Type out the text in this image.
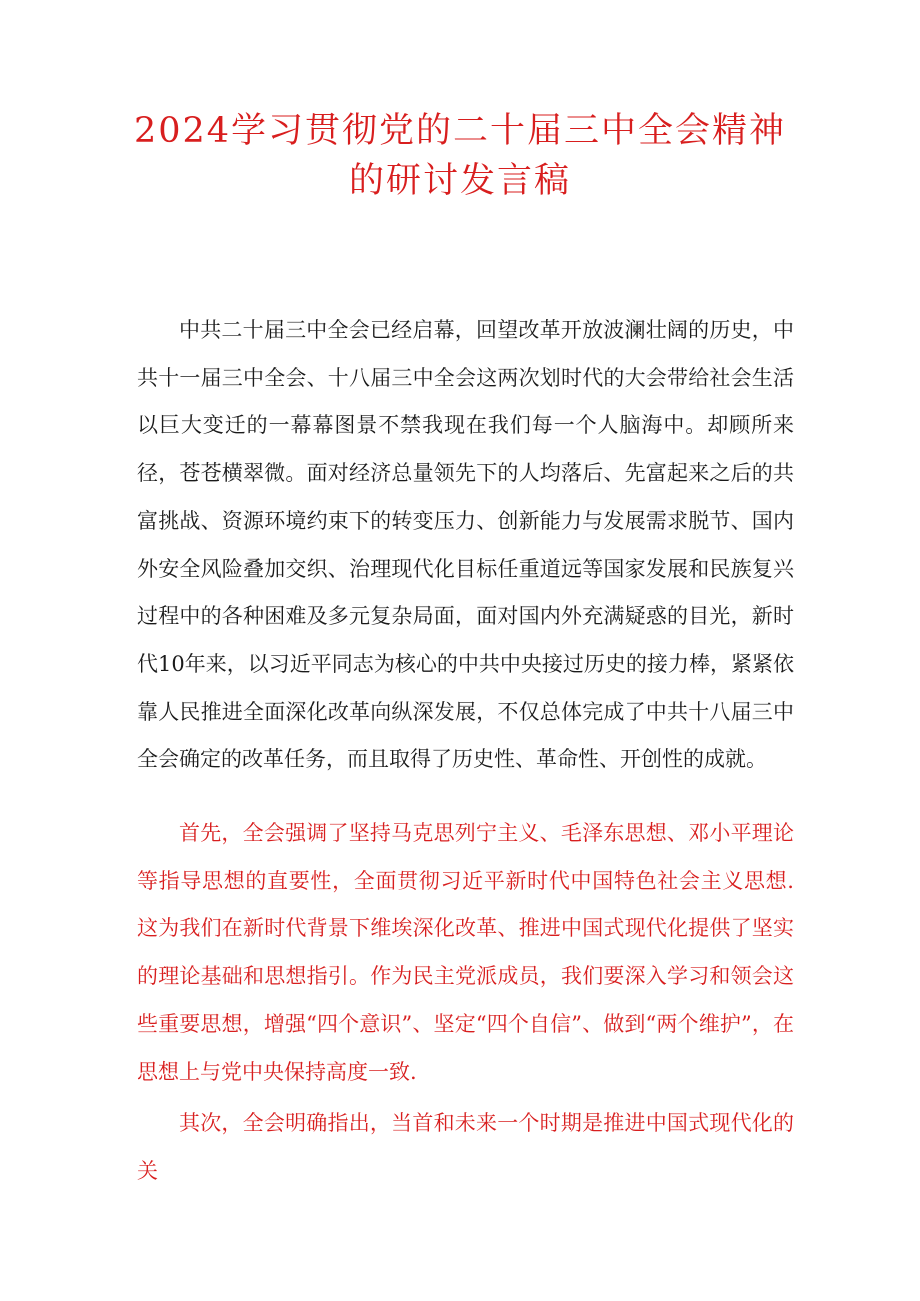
2024学习贯彻党的二十届三中全会精神
的研讨发言稿

中共二十届三中全会已经启幕，回望改革开放波澜壮阔的历史，中共十一届三中全会、十八届三中全会这两次划时代的大会带给社会生活以巨大变迁的一幕幕图景不禁我现在我们每一个人脑海中。却顾所来径，苍苍横翠微。面对经济总量领先下的人均落后、先富起来之后的共富挑战、资源环境约束下的转变压力、创新能力与发展需求脱节、国内外安全风险叠加交织、治理现代化目标任重道远等国家发展和民族复兴过程中的各种困难及多元复杂局面，面对国内外充满疑惑的目光，新时代10年来，以习近平同志为核心的中共中央接过历史的接力棒，紧紧依靠人民推进全面深化改革向纵深发展，不仅总体完成了中共十八届三中全会确定的改革任务，而且取得了历史性、革命性、开创性的成就。

首先，全会强调了坚持马克思列宁主义、毛泽东思想、邓小平理论等指导思想的直要性，全面贯彻习近平新时代中国特色社会主义思想.这为我们在新时代背景下维埃深化改革、推进中国式现代化提供了坚实的理论基础和思想指引。作为民主党派成员，我们要深入学习和领会这些重要思想，增强“四个意识”、坚定“四个自信”、做到“两个维护”，在思想上与党中央保持高度一致.

其次，全会明确指出，当首和未来一个时期是推进中国式现代化的关
